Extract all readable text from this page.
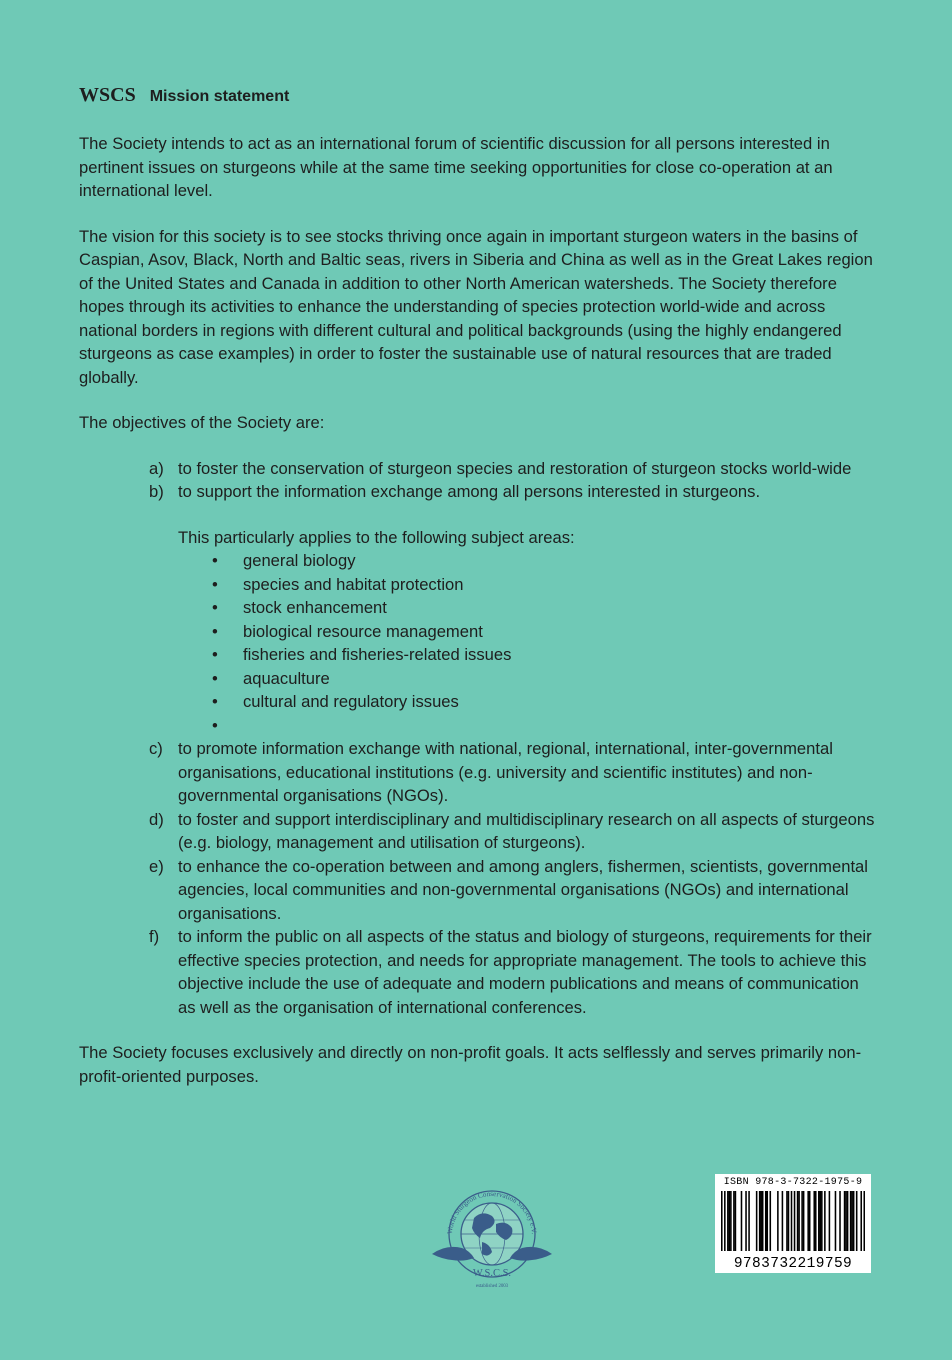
WSCS Mission statement

The Society intends to act as an international forum of scientific discussion for all persons interested in pertinent issues on sturgeons while at the same time seeking opportunities for close co-operation at an international level.

The vision for this society is to see stocks thriving once again in important sturgeon waters in the basins of Caspian, Asov, Black, North and Baltic seas, rivers in Siberia and China as well as in the Great Lakes region of the United States and Canada in addition to other North American watersheds. The Society therefore hopes through its activities to enhance the understanding of species protection world-wide and across national borders in regions with different cultural and political backgrounds (using the highly endangered sturgeons as case examples) in order to foster the sustainable use of natural resources that are traded globally.

The objectives of the Society are:

a) to foster the conservation of sturgeon species and restoration of sturgeon stocks world-wide
b) to support the information exchange among all persons interested in sturgeons.
This particularly applies to the following subject areas:
• general biology
• species and habitat protection
• stock enhancement
• biological resource management
• fisheries and fisheries-related issues
• aquaculture
• cultural and regulatory issues
•
c) to promote information exchange with national, regional, international, inter-governmental organisations, educational institutions (e.g. university and scientific institutes) and non-governmental organisations (NGOs).
d) to foster and support interdisciplinary and multidisciplinary research on all aspects of sturgeons (e.g. biology, management and utilisation of sturgeons).
e) to enhance the co-operation between and among anglers, fishermen, scientists, governmental agencies, local communities and non-governmental organisations (NGOs) and international organisations.
f) to inform the public on all aspects of the status and biology of sturgeons, requirements for their effective species protection, and needs for appropriate management. The tools to achieve this objective include the use of adequate and modern publications and means of communication as well as the organisation of international conferences.

The Society focuses exclusively and directly on non-profit goals. It acts selflessly and serves primarily non-profit-oriented purposes.

World Sturgeon Conservation Society e.V.
W.S.C.S.
established 2003
ISBN 978-3-7322-1975-9
9783732219759
